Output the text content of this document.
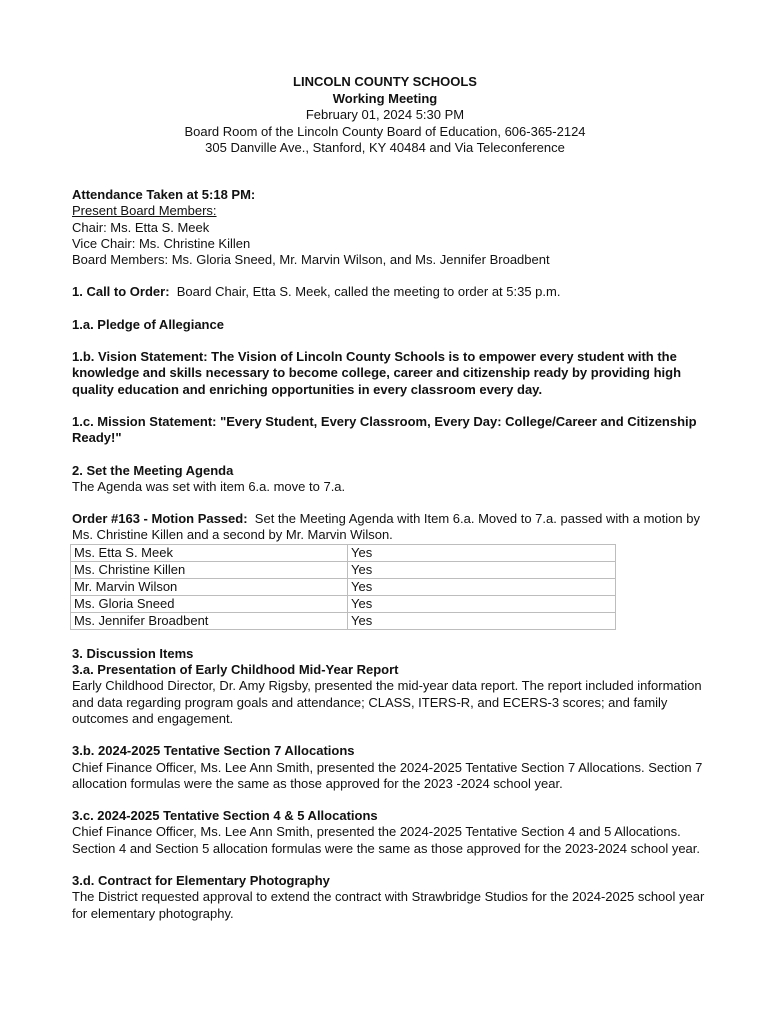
LINCOLN COUNTY SCHOOLS
Working Meeting
February 01, 2024 5:30 PM
Board Room of the Lincoln County Board of Education, 606-365-2124
305 Danville Ave., Stanford, KY 40484 and Via Teleconference
Attendance Taken at 5:18 PM:
Present Board Members:
Chair: Ms. Etta S. Meek
Vice Chair: Ms. Christine Killen
Board Members: Ms. Gloria Sneed, Mr. Marvin Wilson, and Ms. Jennifer Broadbent
1. Call to Order: Board Chair, Etta S. Meek, called the meeting to order at 5:35 p.m.
1.a. Pledge of Allegiance
1.b. Vision Statement: The Vision of Lincoln County Schools is to empower every student with the knowledge and skills necessary to become college, career and citizenship ready by providing high quality education and enriching opportunities in every classroom every day.
1.c. Mission Statement: "Every Student, Every Classroom, Every Day: College/Career and Citizenship Ready!"
2. Set the Meeting Agenda
The Agenda was set with item 6.a. move to 7.a.
Order #163 - Motion Passed: Set the Meeting Agenda with Item 6.a. Moved to 7.a. passed with a motion by Ms. Christine Killen and a second by Mr. Marvin Wilson.
Ms. Etta S. Meek	Yes
Ms. Christine Killen	Yes
Mr. Marvin Wilson	Yes
Ms. Gloria Sneed	Yes
Ms. Jennifer Broadbent	Yes
3. Discussion Items
3.a. Presentation of Early Childhood Mid-Year Report
Early Childhood Director, Dr. Amy Rigsby, presented the mid-year data report. The report included information and data regarding program goals and attendance; CLASS, ITERS-R, and ECERS-3 scores; and family outcomes and engagement.
3.b. 2024-2025 Tentative Section 7 Allocations
Chief Finance Officer, Ms. Lee Ann Smith, presented the 2024-2025 Tentative Section 7 Allocations. Section 7 allocation formulas were the same as those approved for the 2023 -2024 school year.
3.c. 2024-2025 Tentative Section 4 & 5 Allocations
Chief Finance Officer, Ms. Lee Ann Smith, presented the 2024-2025 Tentative Section 4 and 5 Allocations. Section 4 and Section 5 allocation formulas were the same as those approved for the 2023-2024 school year.
3.d. Contract for Elementary Photography
The District requested approval to extend the contract with Strawbridge Studios for the 2024-2025 school year for elementary photography.
